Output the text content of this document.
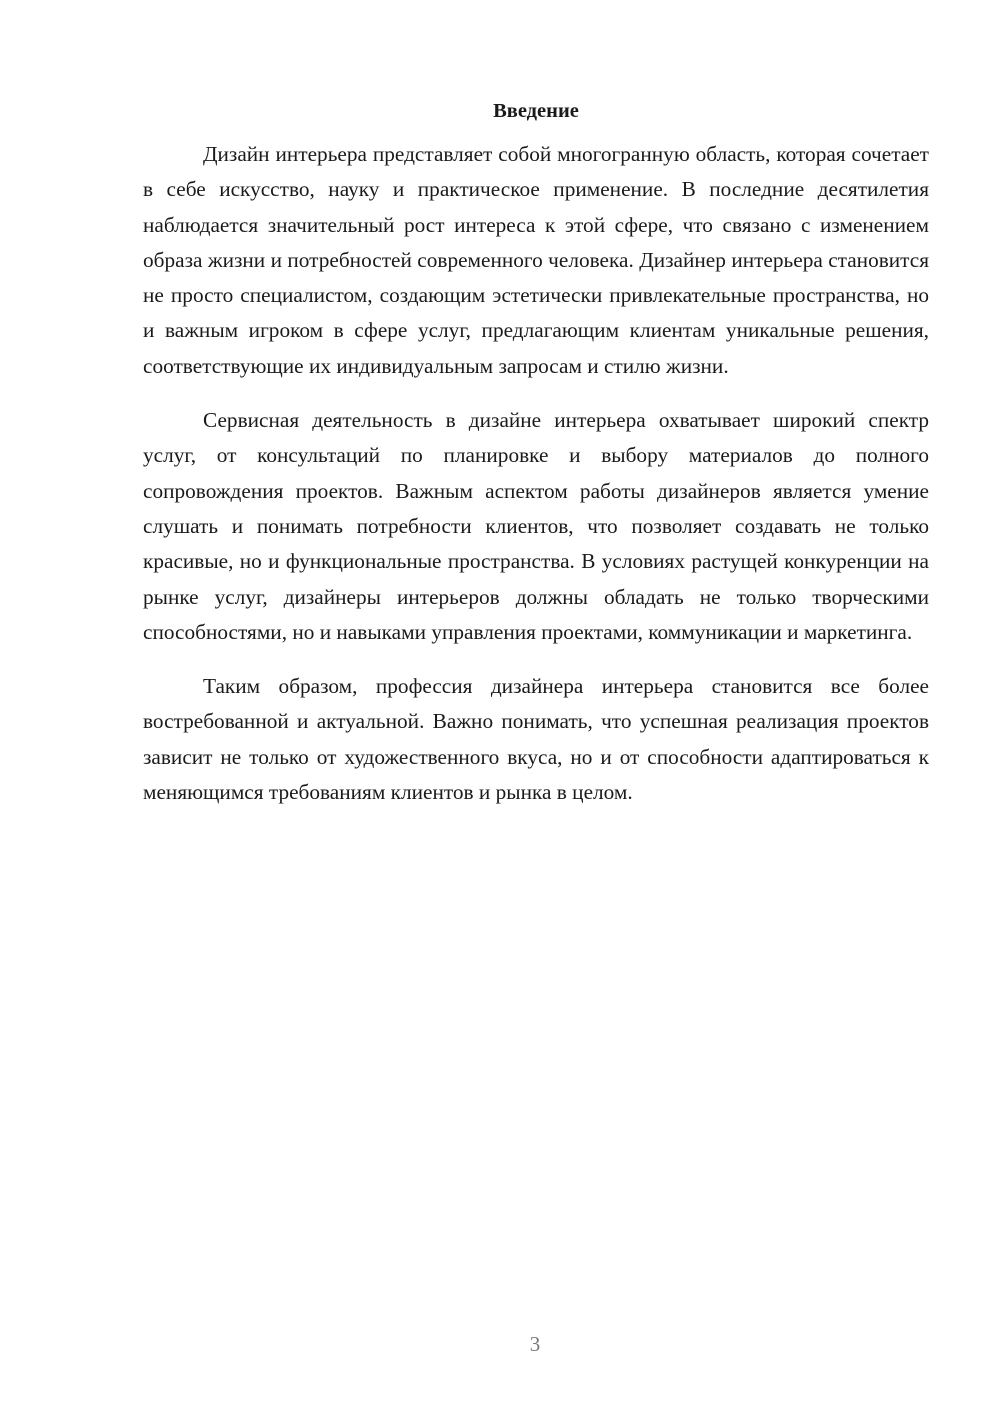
Введение

Дизайн интерьера представляет собой многогранную область, которая сочетает в себе искусство, науку и практическое применение. В последние десятилетия наблюдается значительный рост интереса к этой сфере, что связано с изменением образа жизни и потребностей современного человека. Дизайнер интерьера становится не просто специалистом, создающим эстетически привлекательные пространства, но и важным игроком в сфере услуг, предлагающим клиентам уникальные решения, соответствующие их индивидуальным запросам и стилю жизни.

Сервисная деятельность в дизайне интерьера охватывает широкий спектр услуг, от консультаций по планировке и выбору материалов до полного сопровождения проектов. Важным аспектом работы дизайнеров является умение слушать и понимать потребности клиентов, что позволяет создавать не только красивые, но и функциональные пространства. В условиях растущей конкуренции на рынке услуг, дизайнеры интерьеров должны обладать не только творческими способностями, но и навыками управления проектами, коммуникации и маркетинга.

Таким образом, профессия дизайнера интерьера становится все более востребованной и актуальной. Важно понимать, что успешная реализация проектов зависит не только от художественного вкуса, но и от способности адаптироваться к меняющимся требованиям клиентов и рынка в целом.

3
